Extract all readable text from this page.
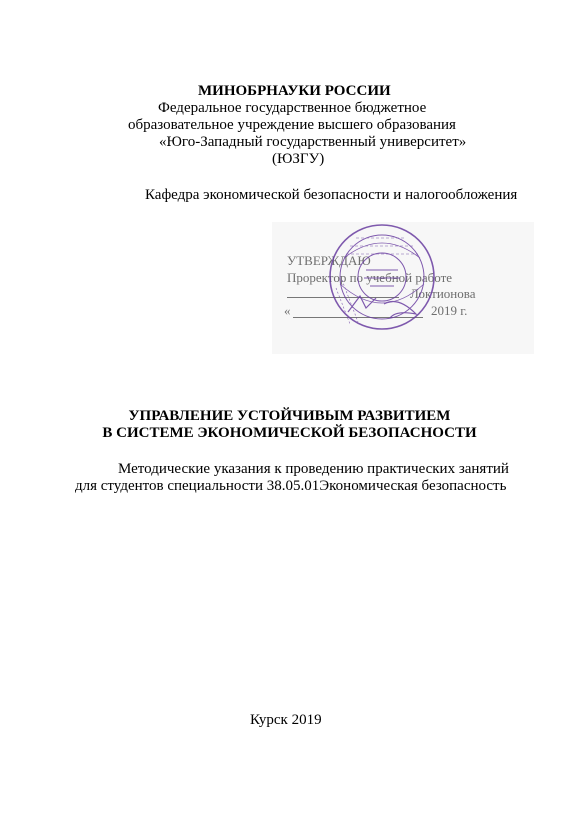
МИНОБРНАУКИ РОССИИ
Федеральное государственное бюджетное
образовательное учреждение высшего образования
«Юго-Западный государственный университет»
(ЮЗГУ)
Кафедра экономической безопасности и налогообложения
УТВЕРЖДАЮ
Проректор по учебной работе
Локтионова
«	2019 г.
УПРАВЛЕНИЕ УСТОЙЧИВЫМ РАЗВИТИЕМ
В СИСТЕМЕ ЭКОНОМИЧЕСКОЙ БЕЗОПАСНОСТИ
Методические указания к проведению практических занятий
для студентов специальности 38.05.01Экономическая безопасность
Курск 2019
